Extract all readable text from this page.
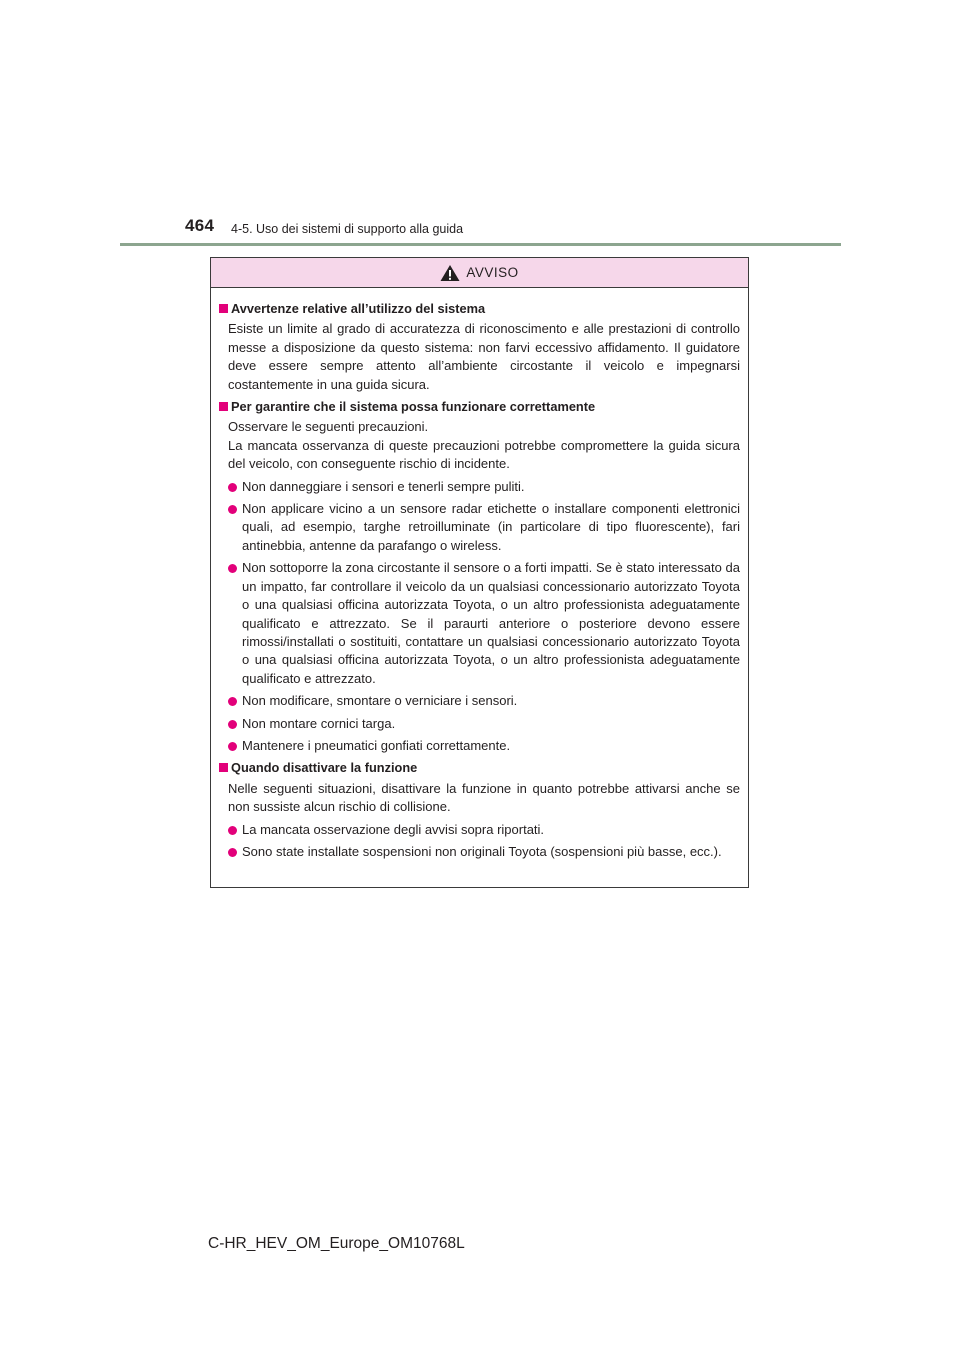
464 4-5. Uso dei sistemi di supporto alla guida
AVVISO
Avvertenze relative all’utilizzo del sistema
Esiste un limite al grado di accuratezza di riconoscimento e alle prestazioni di controllo messe a disposizione da questo sistema: non farvi eccessivo affidamento. Il guidatore deve essere sempre attento all’ambiente circostante il veicolo e impegnarsi costantemente in una guida sicura.
Per garantire che il sistema possa funzionare correttamente
Osservare le seguenti precauzioni.
La mancata osservanza di queste precauzioni potrebbe compromettere la guida sicura del veicolo, con conseguente rischio di incidente.
Non danneggiare i sensori e tenerli sempre puliti.
Non applicare vicino a un sensore radar etichette o installare componenti elettronici quali, ad esempio, targhe retroilluminate (in particolare di tipo fluorescente), fari antinebbia, antenne da parafango o wireless.
Non sottoporre la zona circostante il sensore o a forti impatti. Se è stato interessato da un impatto, far controllare il veicolo da un qualsiasi concessionario autorizzato Toyota o una qualsiasi officina autorizzata Toyota, o un altro professionista adeguatamente qualificato e attrezzato. Se il paraurti anteriore o posteriore devono essere rimossi/installati o sostituiti, contattare un qualsiasi concessionario autorizzato Toyota o una qualsiasi officina autorizzata Toyota, o un altro professionista adeguatamente qualificato e attrezzato.
Non modificare, smontare o verniciare i sensori.
Non montare cornici targa.
Mantenere i pneumatici gonfiati correttamente.
Quando disattivare la funzione
Nelle seguenti situazioni, disattivare la funzione in quanto potrebbe attivarsi anche se non sussiste alcun rischio di collisione.
La mancata osservazione degli avvisi sopra riportati.
Sono state installate sospensioni non originali Toyota (sospensioni più basse, ecc.).
C-HR_HEV_OM_Europe_OM10768L
